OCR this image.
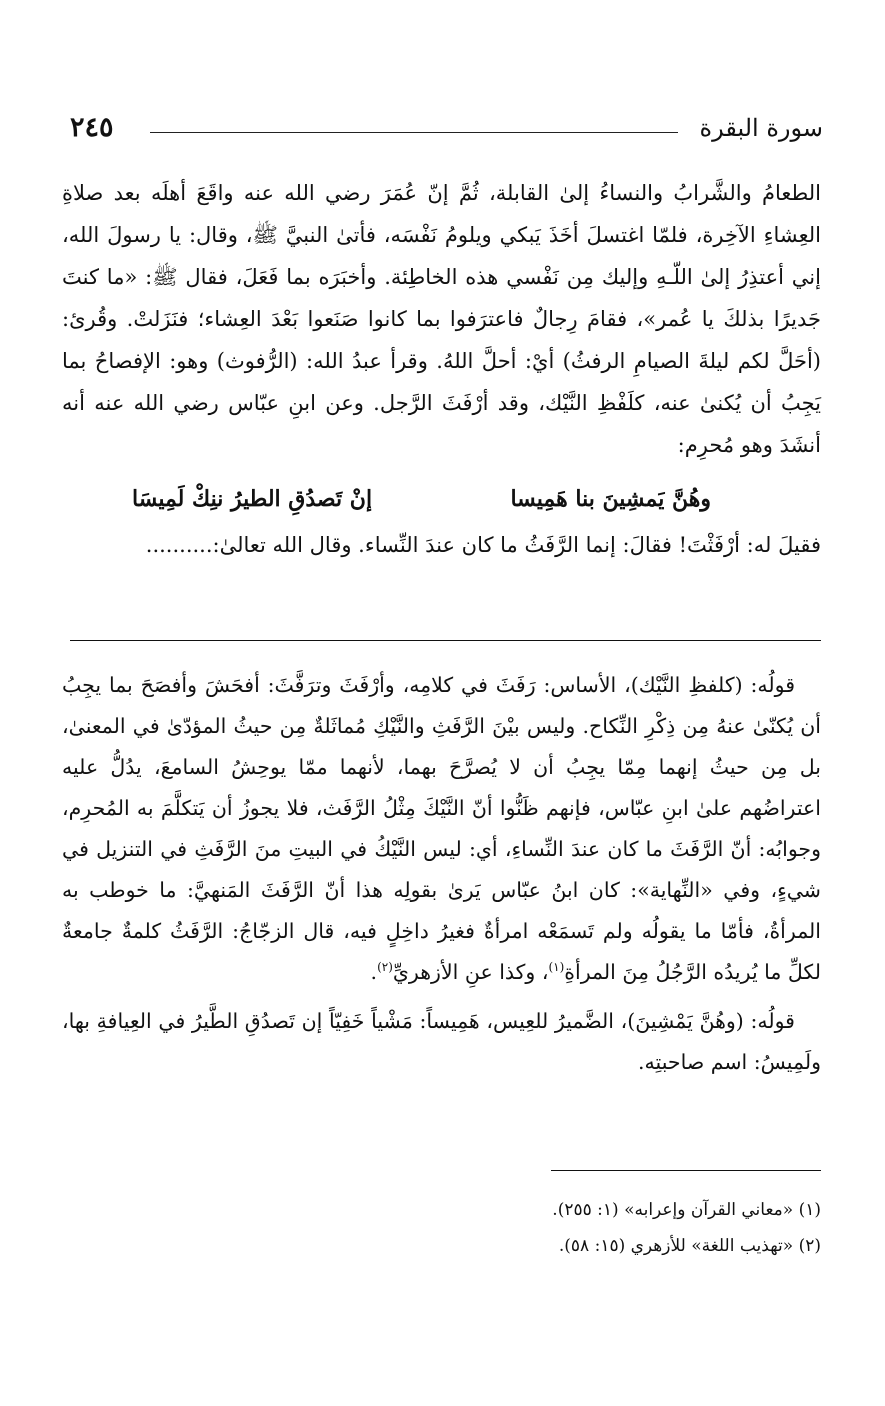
سورة البقرة
٢٤٥

الطعامُ والشَّرابُ والنساءُ إلىٰ القابلة، ثُمَّ إنّ عُمَرَ رضي الله عنه واقَعَ أهلَه بعد صلاةِ العِشاءِ الآخِرة، فلمّا اغتسلَ أخَذَ يَبكي ويلومُ نَفْسَه، فأتىٰ النبيَّ ﷺ، وقال: يا رسولَ الله، إني أعتذِرُ إلىٰ اللّـهِ وإليك مِن نَفْسي هذه الخاطِئة. وأخبَرَه بما فَعَلَ، فقال ﷺ: «ما كنتَ جَديرًا بذلكَ يا عُمر»، فقامَ رِجالٌ فاعترَفوا بما كانوا صَنَعوا بَعْدَ العِشاء؛ فنَزَلتْ. وقُرئ: (أحَلَّ لكم ليلةَ الصيامِ الرفثُ) أيْ: أحلَّ اللهُ. وقرأ عبدُ الله: (الرُّفوث) وهو: الإفصاحُ بما يَجِبُ أن يُكنىٰ عنه، كلَفْظِ النَّيْك، وقد أرْفَثَ الرَّجل. وعن ابنِ عبّاس رضي الله عنه أنه أنشَدَ وهو مُحرِم:

وهُنَّ يَمشِينَ بنا هَمِيسا
إنْ تَصدُقِ الطيرُ ننِكْ لَمِيسَا

فقيلَ له: أرْفَثْتَ! فقالَ: إنما الرَّفَثُ ما كان عندَ النِّساء. وقال الله تعالىٰ:..........

قولُه: (كلفظِ النَّيْك)، الأساس: رَفَثَ في كلامِه، وأرْفَثَ وترَفَّثَ: أفحَشَ وأفصَحَ بما يجِبُ أن يُكنّىٰ عنهُ مِن ذِكْرِ النِّكاح. وليس بيْنَ الرَّفَثِ والنَّيْكِ مُماثَلةٌ مِن حيثُ المؤدّىٰ في المعنىٰ، بل مِن حيثُ إنهما مِمّا يجِبُ أن لا يُصرَّحَ بهما، لأنهما ممّا يوحِشُ السامعَ، يدُلُّ عليه اعتراضُهم علىٰ ابنِ عبّاس، فإنهم ظَنُّوا أنّ النَّيْكَ مِثْلُ الرَّفَث، فلا يجوزُ أن يَتكلَّمَ به المُحرِم، وجوابُه: أنّ الرَّفَثَ ما كان عندَ النِّساءِ، أي: ليس النَّيْكُ في البيتِ منَ الرَّفَثِ في التنزيل في شيءٍ، وفي «النِّهاية»: كان ابنُ عبّاس يَرىٰ بقولِه هذا أنّ الرَّفَثَ المَنهيَّ: ما خوطب به المرأةُ، فأمّا ما يقولُه ولم تَسمَعْه امرأةٌ فغيرُ داخِلٍ فيه، قال الزجّاجُ: الرَّفَثُ كلمةٌ جامعةٌ لكلِّ ما يُريدُه الرَّجُلُ مِنَ المرأةِ$^{(١)}$، وكذا عنِ الأزهريِّ$^{(٢)}$.

قولُه: (وهُنَّ يَمْشِينَ)، الضَّميرُ للعِيس، هَمِيساً: مَشْياً خَفِيّاً إن تَصدُقِ الطَّيرُ في العِيافةِ بها، ولَمِيسُ: اسم صاحبتِه.

(١) «معاني القرآن وإعرابه» (١: ٢٥٥).
(٢) «تهذيب اللغة» للأزهري (١٥: ٥٨).
